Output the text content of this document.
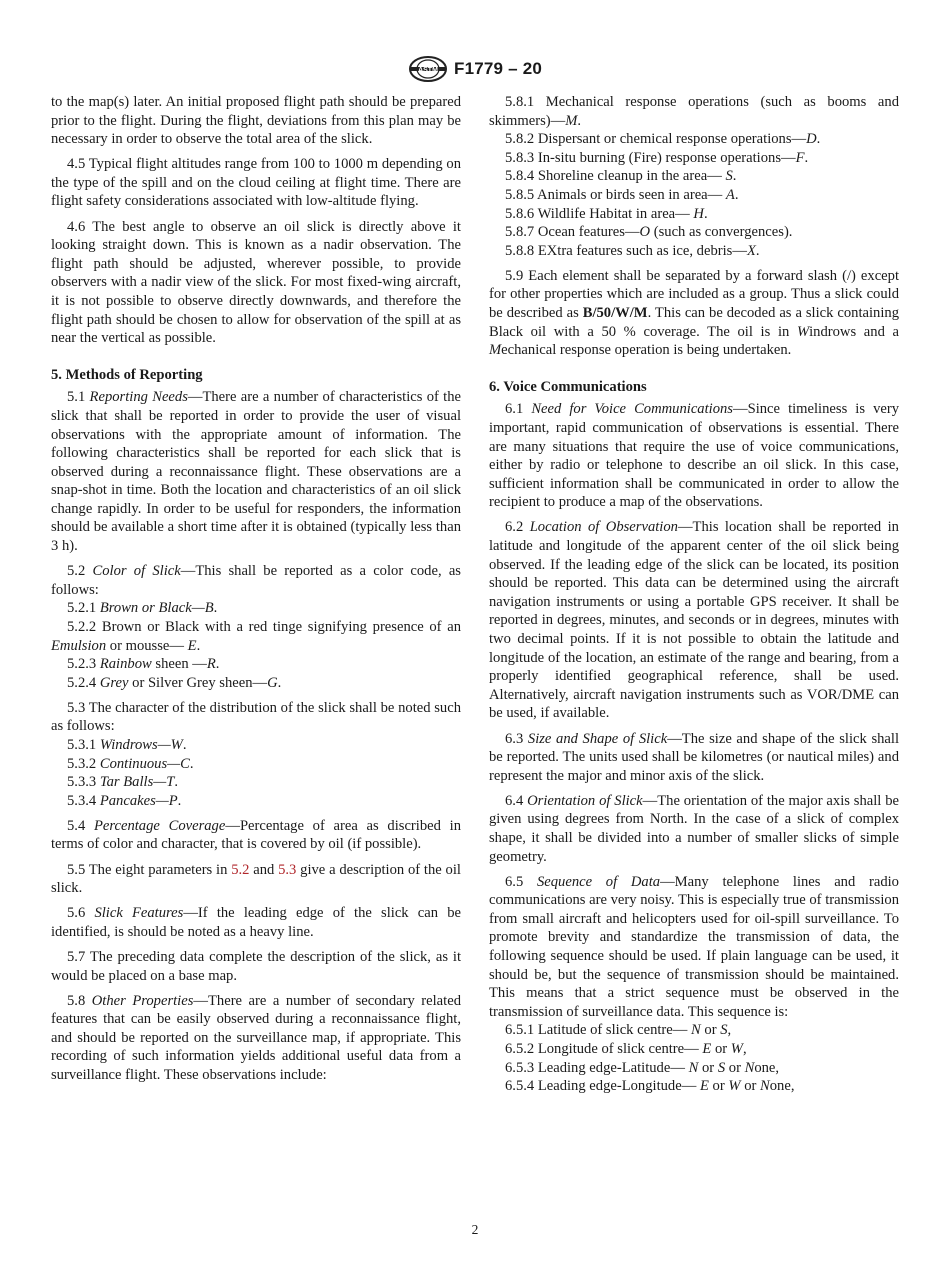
ASTM F1779 – 20

to the map(s) later. An initial proposed flight path should be prepared prior to the flight. During the flight, deviations from this plan may be necessary in order to observe the total area of the slick.

4.5 Typical flight altitudes range from 100 to 1000 m depending on the type of the spill and on the cloud ceiling at flight time. There are flight safety considerations associated with low-altitude flying.

4.6 The best angle to observe an oil slick is directly above it looking straight down. This is known as a nadir observation. The flight path should be adjusted, wherever possible, to provide observers with a nadir view of the slick. For most fixed-wing aircraft, it is not possible to observe directly downwards, and therefore the flight path should be chosen to allow for observation of the spill at as near the vertical as possible.

5. Methods of Reporting

5.1 Reporting Needs—There are a number of characteristics of the slick that shall be reported in order to provide the user of visual observations with the appropriate amount of information. The following characteristics shall be reported for each slick that is observed during a reconnaissance flight. These observations are a snap-shot in time. Both the location and characteristics of an oil slick change rapidly. In order to be useful for responders, the information should be available a short time after it is obtained (typically less than 3 h).

5.2 Color of Slick—This shall be reported as a color code, as follows:

5.2.1 Brown or Black—B.

5.2.2 Brown or Black with a red tinge signifying presence of an Emulsion or mousse— E.

5.2.3 Rainbow sheen —R.

5.2.4 Grey or Silver Grey sheen—G.

5.3 The character of the distribution of the slick shall be noted such as follows:

5.3.1 Windrows—W.

5.3.2 Continuous—C.

5.3.3 Tar Balls—T.

5.3.4 Pancakes—P.

5.4 Percentage Coverage—Percentage of area as discribed in terms of color and character, that is covered by oil (if possible).

5.5 The eight parameters in 5.2 and 5.3 give a description of the oil slick.

5.6 Slick Features—If the leading edge of the slick can be identified, is should be noted as a heavy line.

5.7 The preceding data complete the description of the slick, as it would be placed on a base map.

5.8 Other Properties—There are a number of secondary related features that can be easily observed during a reconnaissance flight, and should be reported on the surveillance map, if appropriate. This recording of such information yields additional useful data from a surveillance flight. These observations include:

5.8.1 Mechanical response operations (such as booms and skimmers)—M.

5.8.2 Dispersant or chemical response operations—D.

5.8.3 In-situ burning (Fire) response operations—F.

5.8.4 Shoreline cleanup in the area— S.

5.8.5 Animals or birds seen in area— A.

5.8.6 Wildlife Habitat in area— H.

5.8.7 Ocean features—O (such as convergences).

5.8.8 EXtra features such as ice, debris—X.

5.9 Each element shall be separated by a forward slash (/) except for other properties which are included as a group. Thus a slick could be described as B/50/W/M. This can be decoded as a slick containing Black oil with a 50 % coverage. The oil is in Windrows and a Mechanical response operation is being undertaken.

6. Voice Communications

6.1 Need for Voice Communications—Since timeliness is very important, rapid communication of observations is essential. There are many situations that require the use of voice communications, either by radio or telephone to describe an oil slick. In this case, sufficient information shall be communicated in order to allow the recipient to produce a map of the observations.

6.2 Location of Observation—This location shall be reported in latitude and longitude of the apparent center of the oil slick being observed. If the leading edge of the slick can be located, its position should be reported. This data can be determined using the aircraft navigation instruments or using a portable GPS receiver. It shall be reported in degrees, minutes, and seconds or in degrees, minutes with two decimal points. If it is not possible to obtain the latitude and longitude of the location, an estimate of the range and bearing, from a properly identified geographical reference, shall be used. Alternatively, aircraft navigation instruments such as VOR/DME can be used, if available.

6.3 Size and Shape of Slick—The size and shape of the slick shall be reported. The units used shall be kilometres (or nautical miles) and represent the major and minor axis of the slick.

6.4 Orientation of Slick—The orientation of the major axis shall be given using degrees from North. In the case of a slick of complex shape, it shall be divided into a number of smaller slicks of simple geometry.

6.5 Sequence of Data—Many telephone lines and radio communications are very noisy. This is especially true of transmission from small aircraft and helicopters used for oil-spill surveillance. To promote brevity and standardize the transmission of data, the following sequence should be used. If plain language can be used, it should be, but the sequence of transmission should be maintained. This means that a strict sequence must be observed in the transmission of surveillance data. This sequence is:

6.5.1 Latitude of slick centre— N or S,

6.5.2 Longitude of slick centre— E or W,

6.5.3 Leading edge-Latitude— N or S or None,

6.5.4 Leading edge-Longitude— E or W or None,

2
